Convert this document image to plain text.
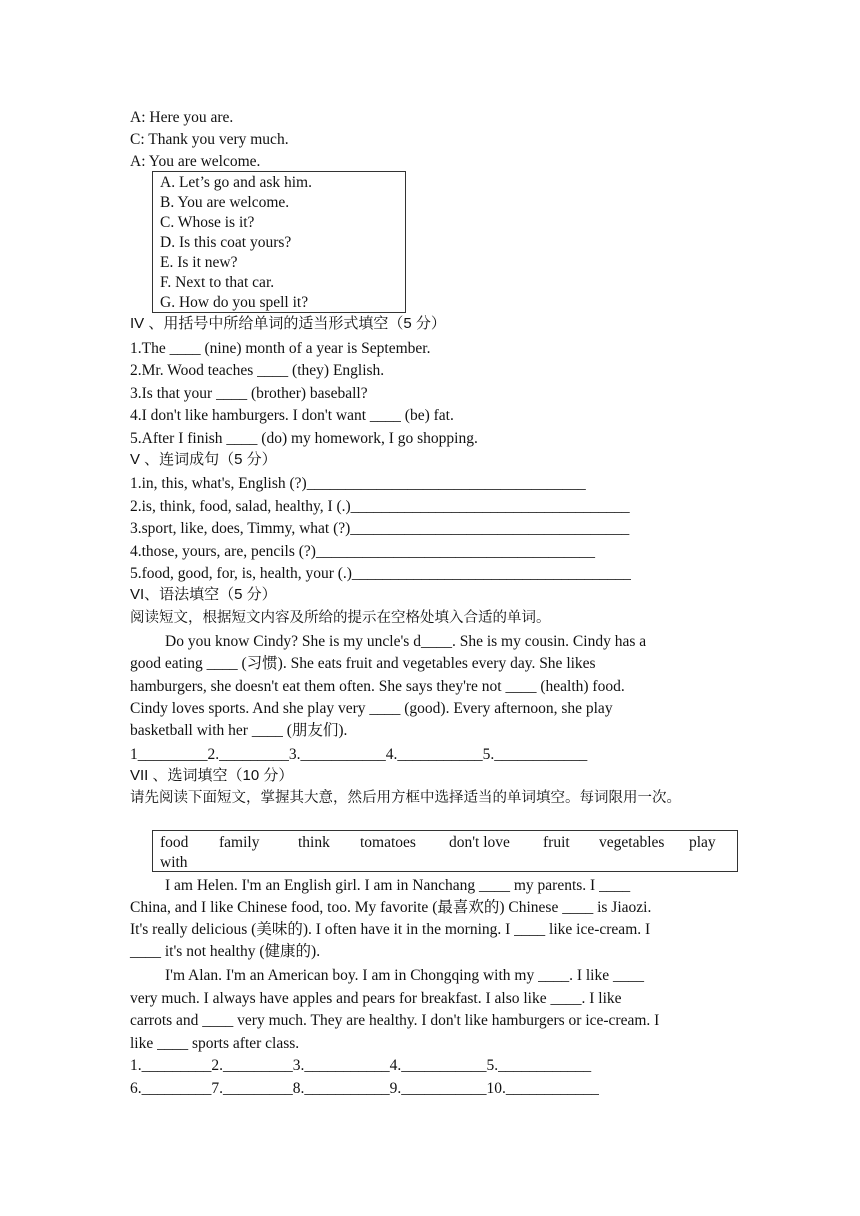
A: Here you are.
C: Thank you very much.
A: You are welcome.
A. Let’s go and ask him.
B. You are welcome.
C. Whose is it?
D. Is this coat yours?
E. Is it new?
F. Next to that car.
G. How do you spell it?
IV 、用括号中所给单词的适当形式填空（5 分）
1.The ____ (nine) month of a year is September.
2.Mr. Wood teaches ____ (they) English.
3.Is that your ____ (brother) baseball?
4.I don't like hamburgers. I don't want ____ (be) fat.
5.After I finish ____ (do) my homework, I go shopping.
V 、连词成句（5 分）
1.in, this, what's, English (?)____________________________________
2.is, think, food, salad, healthy, I (.)____________________________________
3.sport, like, does, Timmy, what (?)____________________________________
4.those, yours, are, pencils (?)____________________________________
5.food, good, for, is, health, your (.)____________________________________
VI、语法填空（5 分）
阅读短文，根据短文内容及所给的提示在空格处填入合适的单词。
Do you know Cindy? She is my uncle's d____. She is my cousin. Cindy has a
good eating ____ (习惯). She eats fruit and vegetables every day. She likes
hamburgers, she doesn't eat them often. She says they're not ____ (health) food.
Cindy loves sports. And she play very ____ (good). Every afternoon, she play
basketball with her ____ (朋友们).
1_________2._________3.___________4.___________5.____________
VII 、选词填空（10 分）
请先阅读下面短文，掌握其大意，然后用方框中选择适当的单词填空。每词限用一次。
food family think tomatoes don't love fruit vegetables play
with
I am Helen. I'm an English girl. I am in Nanchang ____ my parents. I ____
China, and I like Chinese food, too. My favorite (最喜欢的) Chinese ____ is Jiaozi.
It's really delicious (美味的). I often have it in the morning. I ____ like ice-cream. I
____ it's not healthy (健康的).
I'm Alan. I'm an American boy. I am in Chongqing with my ____. I like ____
very much. I always have apples and pears for breakfast. I also like ____. I like
carrots and ____ very much. They are healthy. I don't like hamburgers or ice-cream. I
like ____ sports after class.
1._________2._________3.___________4.___________5.____________
6._________7._________8.___________9.___________10.____________
